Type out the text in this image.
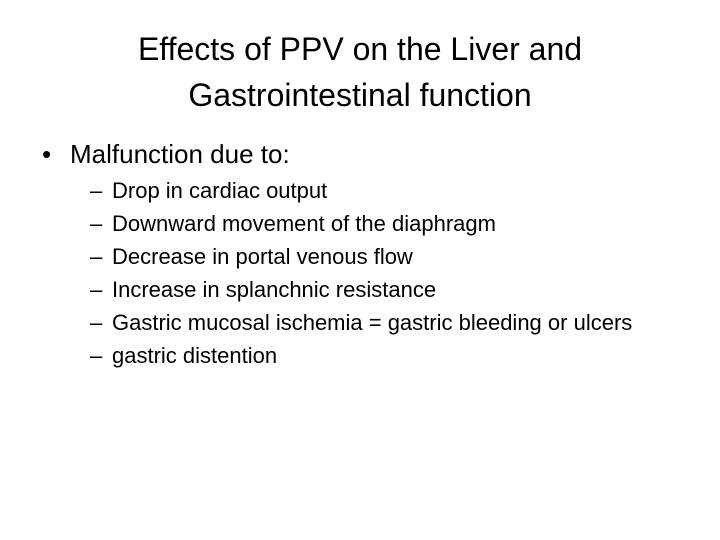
Effects of PPV on the Liver and
Gastrointestinal function
• Malfunction due to:
– Drop in cardiac output
– Downward movement of the diaphragm
– Decrease in portal venous flow
– Increase in splanchnic resistance
– Gastric mucosal ischemia = gastric bleeding or ulcers
– gastric distention
